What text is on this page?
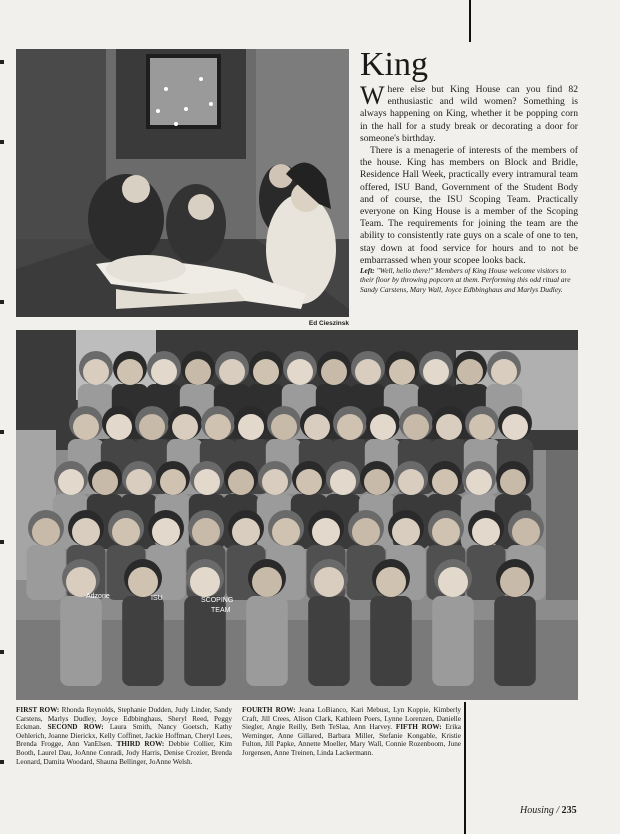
Ed Cieszinsk
King

Where else but King House can you find 82 enthusiastic and wild women? Something is always happening on King, whether it be popping corn in the hall for a study break or decorating a door for someone's birthday.

There is a menagerie of interests of the members of the house. King has members on Block and Bridle, Residence Hall Week, practically every intramural team offered, ISU Band, Government of the Student Body and of course, the ISU Scoping Team. Practically everyone on King House is a member of the Scoping Team. The requirements for joining the team are the ability to consistently rate guys on a scale of one to ten, stay down at food service for hours and to not be embarrassed when your scopee looks back.

Left: "Well, hello there!" Members of King House welcome visitors to their floor by throwing popcorn at them. Performing this odd ritual are Sandy Carstens, Mary Wall, Joyce Edbbinghaus and Marlys Dudley.
Adzone	ISU	SCOPING
TEAM
FIRST ROW: Rhonda Reynolds, Stephanie Dudden, Judy Linder, Sandy Carstens, Marlys Dudley, Joyce Edbbinghaus, Sheryl Reed, Peggy Eckman. SECOND ROW: Laura Smith, Nancy Goetsch, Kathy Oehlerich, Joanne Dierickx, Kelly Coffinet, Jackie Hoffman, Cheryl Lees, Brenda Frogge, Ann VanElsen. THIRD ROW: Debbie Collier, Kim Booth, Laurel Dau, JoAnne Conradi, Jody Harris, Denise Crozier, Brenda Leonard, Damita Woodard, Shauna Bellinger, JoAnne Welsh.
FOURTH ROW: Jeana LoBianco, Kari Mebust, Lyn Koppie, Kimberly Craft, Jill Crees, Alison Clark, Kathleen Poers, Lynne Lorenzen, Danielle Siegler, Angie Reilly, Beth TeSlaa, Ann Harvey. FIFTH ROW: Erika Werninger, Anne Gillared, Barbara Miller, Stefanie Kongable, Kristie Fulton, Jill Papke, Annette Moeller, Mary Wall, Connie Rozenboom, June Jorgensen, Anne Treinen, Linda Lackermann.
Housing / 235
